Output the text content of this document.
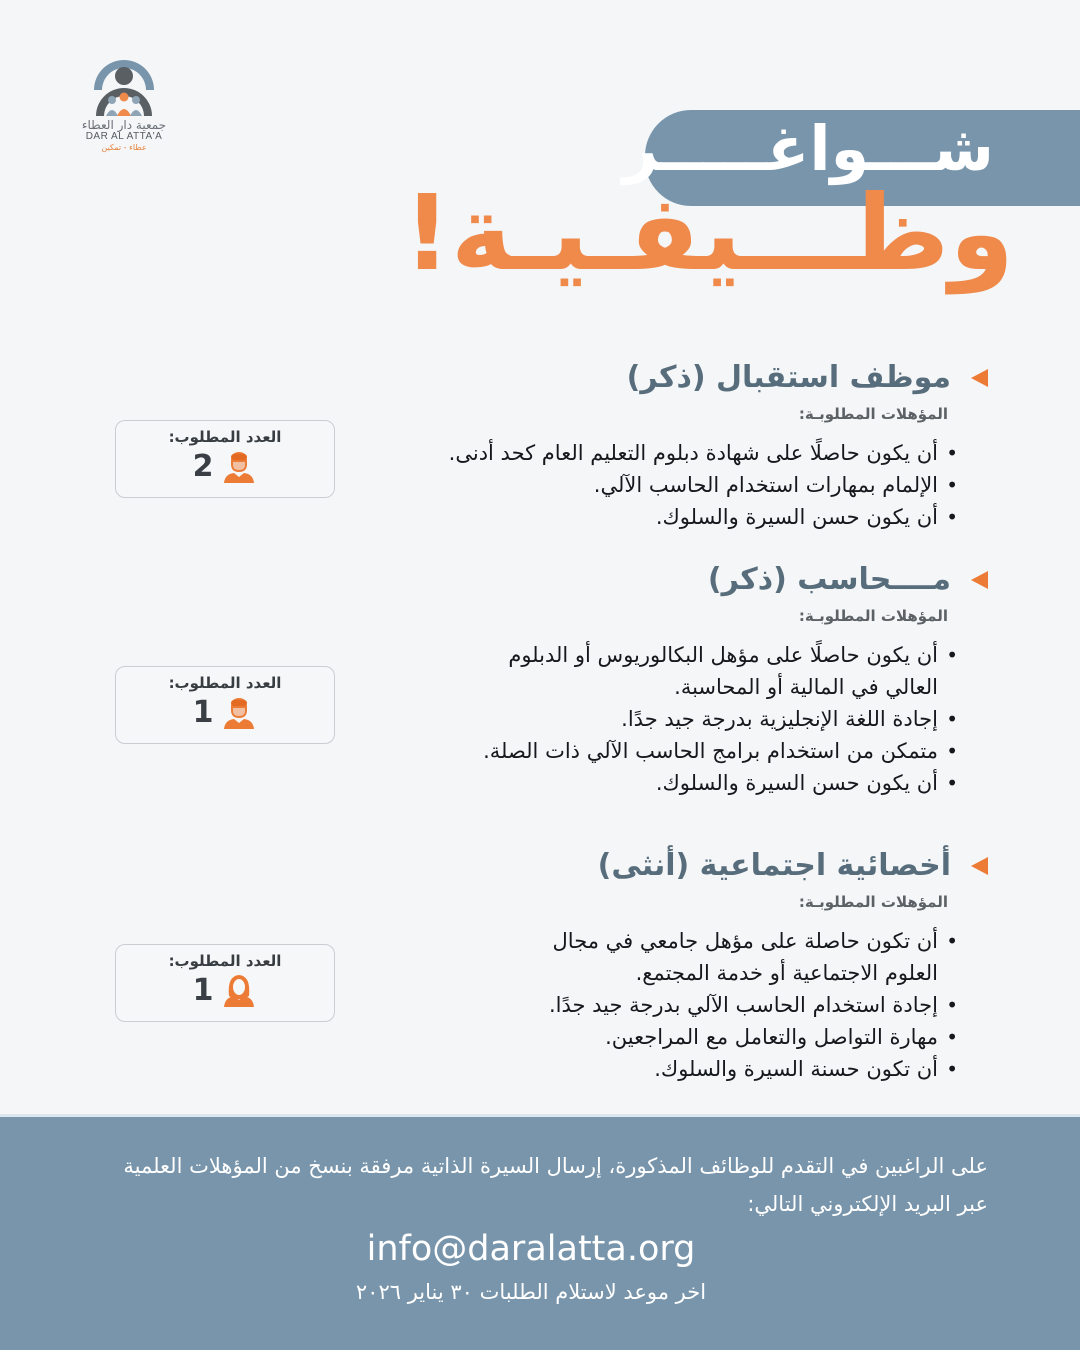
جمعية دار العطاء
DAR AL ATTA'A
عطاء - تمكين	شـــواغـــــر
وظـــيفـيـة!
موظف استقبال (ذكر)
المؤهلات المطلوبـة:
• أن يكون حاصلًا على شهادة دبلوم التعليم العام كحد أدنى.
• الإلمام بمهارات استخدام الحاسب الآلي.
• أن يكون حسن السيرة والسلوك.
العدد المطلوب:
2
مــــحاسب (ذكر)
المؤهلات المطلوبـة:
• أن يكون حاصلًا على مؤهل البكالوريوس أو الدبلوم العالي في المالية أو المحاسبة.
• إجادة اللغة الإنجليزية بدرجة جيد جدًا.
• متمكن من استخدام برامج الحاسب الآلي ذات الصلة.
• أن يكون حسن السيرة والسلوك.
العدد المطلوب:
1
أخصائية اجتماعية (أنثى)
المؤهلات المطلوبـة:
• أن تكون حاصلة على مؤهل جامعي في مجال العلوم الاجتماعية أو خدمة المجتمع.
• إجادة استخدام الحاسب الآلي بدرجة جيد جدًا.
• مهارة التواصل والتعامل مع المراجعين.
• أن تكون حسنة السيرة والسلوك.
العدد المطلوب:
1
على الراغبين في التقدم للوظائف المذكورة، إرسال السيرة الذاتية مرفقة بنسخ من المؤهلات العلمية عبر البريد الإلكتروني التالي:
info@daralatta.org
اخر موعد لاستلام الطلبات ٣٠ يناير ٢٠٢٦
